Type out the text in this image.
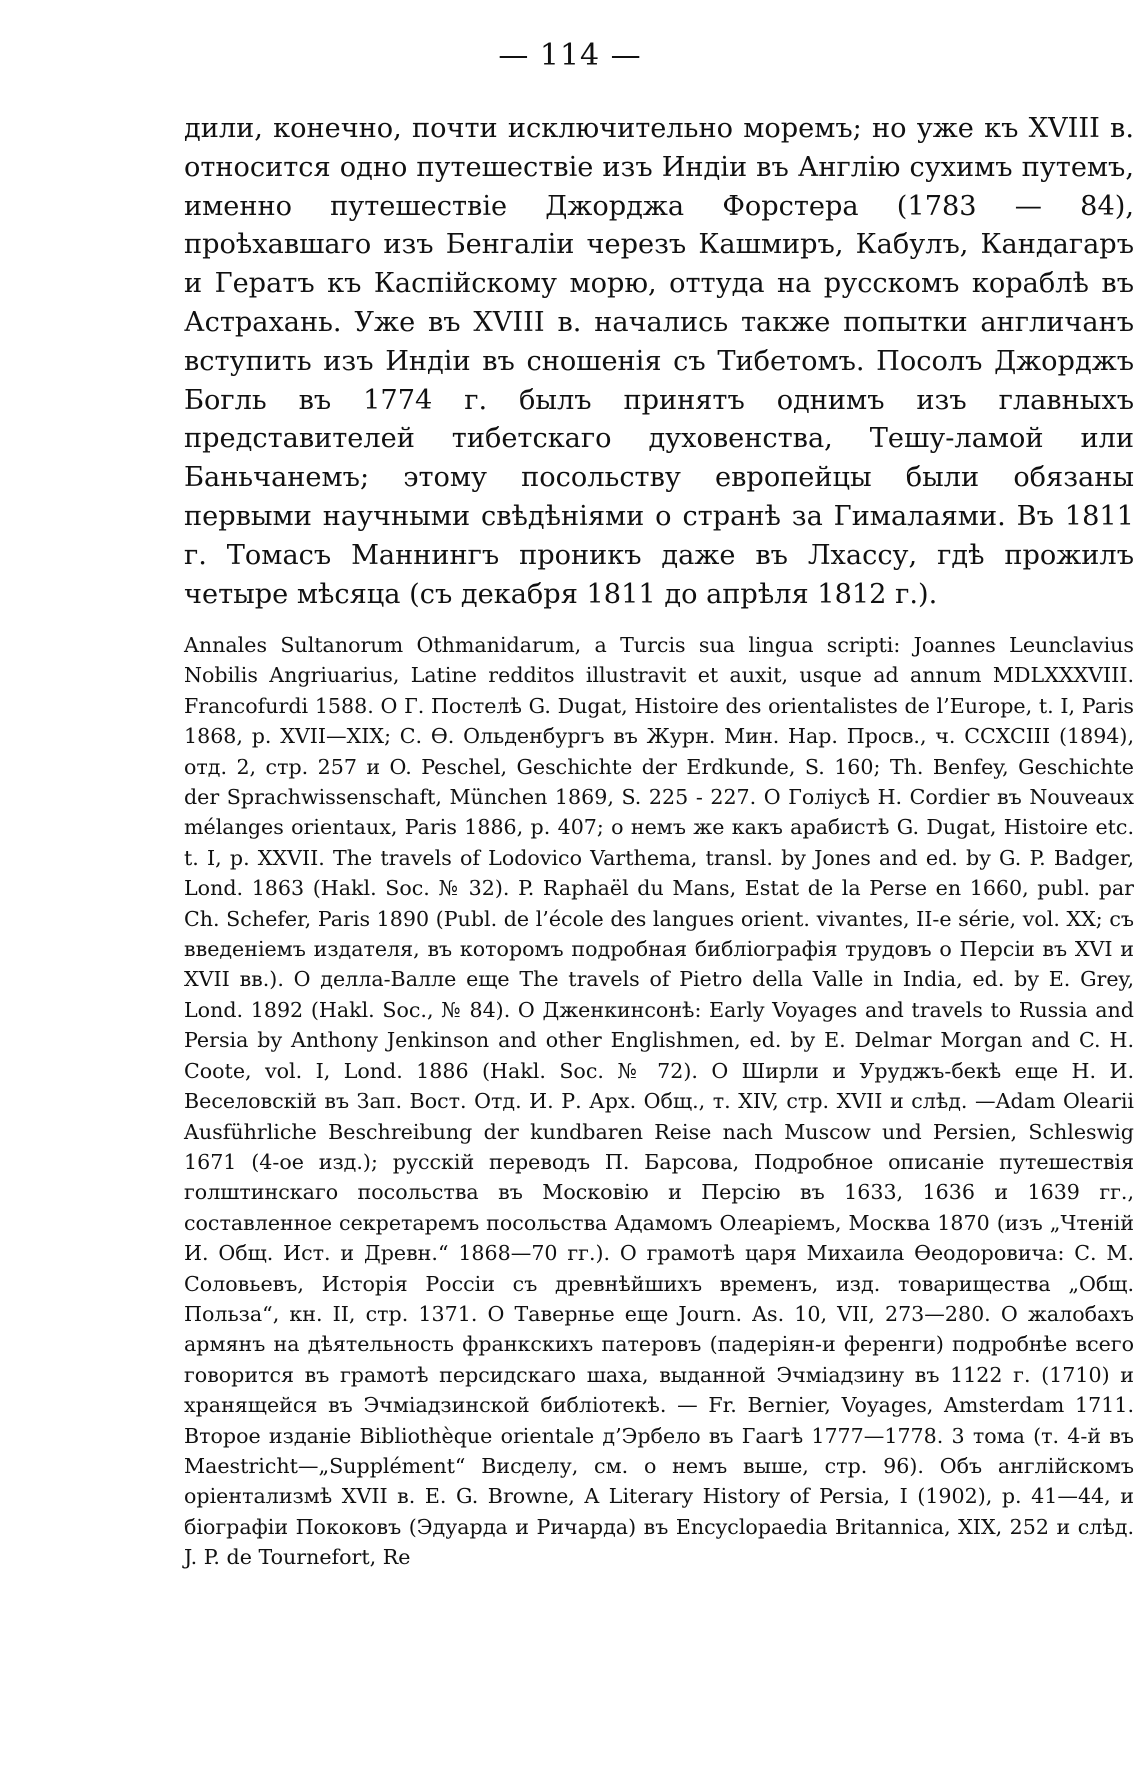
— 114 —

дили, конечно, почти исключительно моремъ; но уже къ XVIII в. относится одно путешествіе изъ Индіи въ Англію сухимъ путемъ, именно путешествіе Джорджа Форстера (1783 — 84), проѣхавшаго изъ Бенгаліи черезъ Кашмиръ, Кабулъ, Кандагаръ и Гератъ къ Каспійскому морю, оттуда на русскомъ кораблѣ въ Астрахань. Уже въ XVIII в. начались также попытки англичанъ вступить изъ Индіи въ сношенія съ Тибетомъ. Посолъ Джорджъ Богль въ 1774 г. былъ принятъ однимъ изъ главныхъ представителей тибетскаго духовенства, Тешу-ламой или Баньчанемъ; этому посольству европейцы были обязаны первыми научными свѣдѣніями о странѣ за Гималаями. Въ 1811 г. Томасъ Маннингъ проникъ даже въ Лхассу, гдѣ прожилъ четыре мѣсяца (съ декабря 1811 до апрѣля 1812 г.).

Annales Sultanorum Othmanidarum, a Turcis sua lingua scripti: Joannes Leunclavius Nobilis Angriuarius, Latine redditos illustravit et auxit, usque ad annum MDLXXXVIII. Francofurdi 1588. О Г. Постелѣ G. Dugat, Histoire des orientalistes de l’Europe, t. I, Paris 1868, p. XVII—XIX; С. Ө. Ольденбургъ въ Журн. Мин. Нар. Просв., ч. CCXCIII (1894), отд. 2, стр. 257 и O. Peschel, Geschichte der Erdkunde, S. 160; Th. Benfey, Geschichte der Sprachwissenschaft, München 1869, S. 225 - 227. О Голіусѣ H. Cordier въ Nouveaux mélanges orientaux, Paris 1886, p. 407; о немъ же какъ арабистѣ G. Dugat, Histoire etc. t. I, p. XXVII. The travels of Lodovico Varthema, transl. by Jones and ed. by G. P. Badger, Lond. 1863 (Hakl. Soc. № 32). P. Raphaël du Mans, Estat de la Perse en 1660, publ. par Ch. Schefer, Paris 1890 (Publ. de l’école des langues orient. vivantes, II-e série, vol. XX; съ введеніемъ издателя, въ которомъ подробная библіографія трудовъ о Персіи въ XVI и XVII вв.). О делла-Валле еще The travels of Pietro della Valle in India, ed. by E. Grey, Lond. 1892 (Hakl. Soc., № 84). О Дженкинсонѣ: Early Voyages and travels to Russia and Persia by Anthony Jenkinson and other Englishmen, ed. by E. Delmar Morgan and C. H. Coote, vol. I, Lond. 1886 (Hakl. Soc. № 72). О Ширли и Уруджъ-бекѣ еще Н. И. Веселовскій въ Зап. Вост. Отд. И. Р. Арх. Общ., т. XIV, стр. XVII и слѣд. —Adam Olearii Ausführliche Beschreibung der kundbaren Reise nach Muscow und Persien, Schleswig 1671 (4-ое изд.); русскій переводъ П. Барсова, Подробное описаніе путешествія голштинскаго посольства въ Московію и Персію въ 1633, 1636 и 1639 гг., составленное секретаремъ посольства Адамомъ Олеаріемъ, Москва 1870 (изъ „Чтеній И. Общ. Ист. и Древн.“ 1868—70 гг.). О грамотѣ царя Михаила Өеодоровича: С. М. Соловьевъ, Исторія Россіи съ древнѣйшихъ временъ, изд. товарищества „Общ. Польза“, кн. II, стр. 1371. О Тавернье еще Journ. As. 10, VII, 273—280. О жалобахъ армянъ на дѣятельность франкскихъ патеровъ (падеріян-и ференги) подробнѣе всего говорится въ грамотѣ персидскаго шаха, выданной Эчміадзину въ 1122 г. (1710) и хранящейся въ Эчміадзинской библіотекѣ. — Fr. Bernier, Voyages, Amsterdam 1711. Второе изданіе Bibliothèque orientale д’Эрбело въ Гаагѣ 1777—1778. 3 тома (т. 4-й въ Maestricht—„Supplément“ Висделу, см. о немъ выше, стр. 96). Объ англійскомъ оріентализмѣ XVII в. E. G. Browne, A Literary History of Persia, I (1902), p. 41—44, и біографіи Пококовъ (Эдуарда и Ричарда) въ Encyclopaedia Britannica, XIX, 252 и слѣд. J. P. de Tournefort, Re
